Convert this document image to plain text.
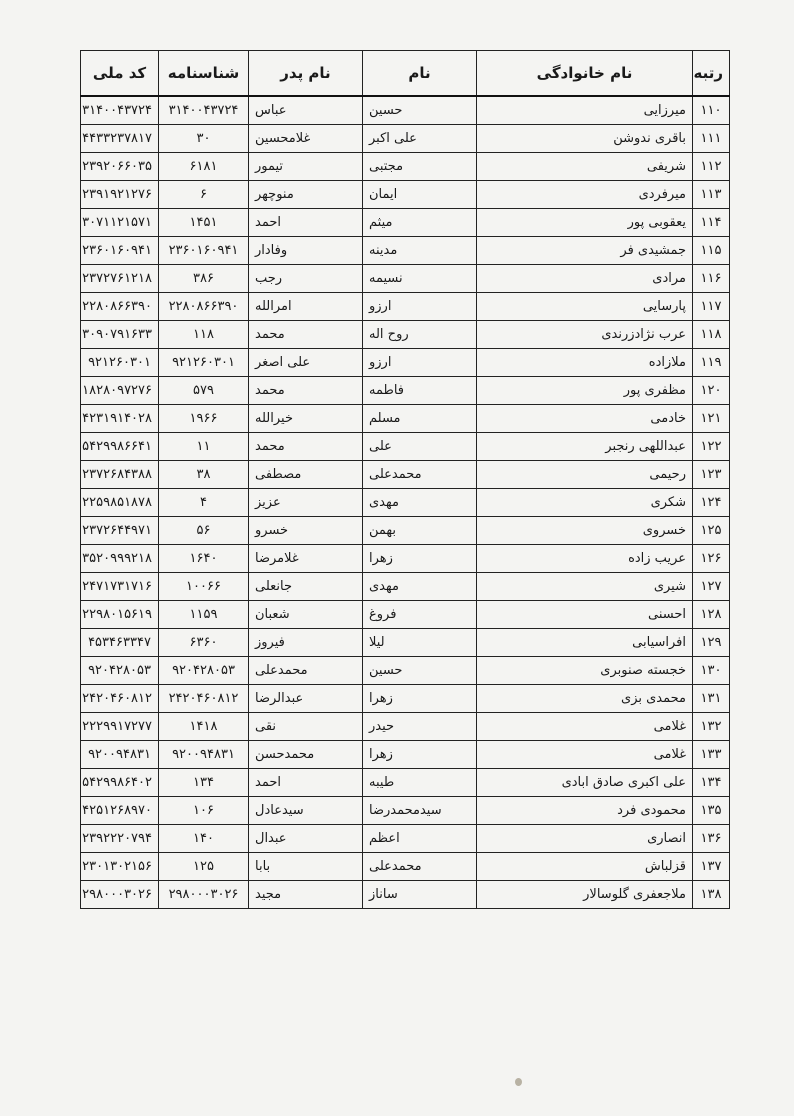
رتبه	نام خانوادگی	نام	نام پدر	شناسنامه	کد ملی
۱۱۰	میرزایی	حسین	عباس	۳۱۴۰۰۴۳۷۲۴	۳۱۴۰۰۴۳۷۲۴
۱۱۱	باقری ندوشن	علی اکبر	غلامحسین	۳۰	۴۴۳۳۲۳۷۸۱۷
۱۱۲	شریفی	مجتبی	تیمور	۶۱۸۱	۲۳۹۲۰۶۶۰۳۵
۱۱۳	میرفردی	ایمان	منوچهر	۶	۲۳۹۱۹۲۱۲۷۶
۱۱۴	یعقوبی پور	میثم	احمد	۱۴۵۱	۳۰۷۱۱۲۱۵۷۱
۱۱۵	جمشیدی فر	مدینه	وفادار	۲۳۶۰۱۶۰۹۴۱	۲۳۶۰۱۶۰۹۴۱
۱۱۶	مرادی	نسیمه	رجب	۳۸۶	۲۳۷۲۷۶۱۲۱۸
۱۱۷	پارسایی	ارزو	امرالله	۲۲۸۰۸۶۶۳۹۰	۲۲۸۰۸۶۶۳۹۰
۱۱۸	عرب نژادزرندی	روح اله	محمد	۱۱۸	۳۰۹۰۷۹۱۶۳۳
۱۱۹	ملازاده	ارزو	علی اصغر	۹۲۱۲۶۰۳۰۱	۹۲۱۲۶۰۳۰۱
۱۲۰	مظفری پور	فاطمه	محمد	۵۷۹	۱۸۲۸۰۹۷۲۷۶
۱۲۱	خادمی	مسلم	خیرالله	۱۹۶۶	۴۲۳۱۹۱۴۰۲۸
۱۲۲	عبداللهی رنجبر	علی	محمد	۱۱	۵۴۲۹۹۸۶۶۴۱
۱۲۳	رحیمی	محمدعلی	مصطفی	۳۸	۲۳۷۲۶۸۴۳۸۸
۱۲۴	شکری	مهدی	عزیز	۴	۲۲۵۹۸۵۱۸۷۸
۱۲۵	خسروی	بهمن	خسرو	۵۶	۲۳۷۲۶۴۴۹۷۱
۱۲۶	عریب زاده	زهرا	غلامرضا	۱۶۴۰	۳۵۲۰۹۹۹۲۱۸
۱۲۷	شیری	مهدی	جانعلی	۱۰۰۶۶	۲۴۷۱۷۳۱۷۱۶
۱۲۸	احسنی	فروغ	شعبان	۱۱۵۹	۲۲۹۸۰۱۵۶۱۹
۱۲۹	افراسیابی	لیلا	فیروز	۶۳۶۰	۴۵۳۴۶۳۳۴۷
۱۳۰	خجسته صنوبری	حسین	محمدعلی	۹۲۰۴۲۸۰۵۳	۹۲۰۴۲۸۰۵۳
۱۳۱	محمدی بزی	زهرا	عبدالرضا	۲۴۲۰۴۶۰۸۱۲	۲۴۲۰۴۶۰۸۱۲
۱۳۲	غلامی	حیدر	نقی	۱۴۱۸	۲۲۲۹۹۱۷۲۷۷
۱۳۳	غلامی	زهرا	محمدحسن	۹۲۰۰۹۴۸۳۱	۹۲۰۰۹۴۸۳۱
۱۳۴	علی اکبری صادق ابادی	طیبه	احمد	۱۳۴	۵۴۲۹۹۸۶۴۰۲
۱۳۵	محمودی فرد	سیدمحمدرضا	سیدعادل	۱۰۶	۴۲۵۱۲۶۸۹۷۰
۱۳۶	انصاری	اعظم	عبدال	۱۴۰	۲۳۹۲۲۲۰۷۹۴
۱۳۷	قزلباش	محمدعلی	بابا	۱۲۵	۲۳۰۱۳۰۲۱۵۶
۱۳۸	ملاجعفری گلوسالار	ساناز	مجید	۲۹۸۰۰۰۳۰۲۶	۲۹۸۰۰۰۳۰۲۶
